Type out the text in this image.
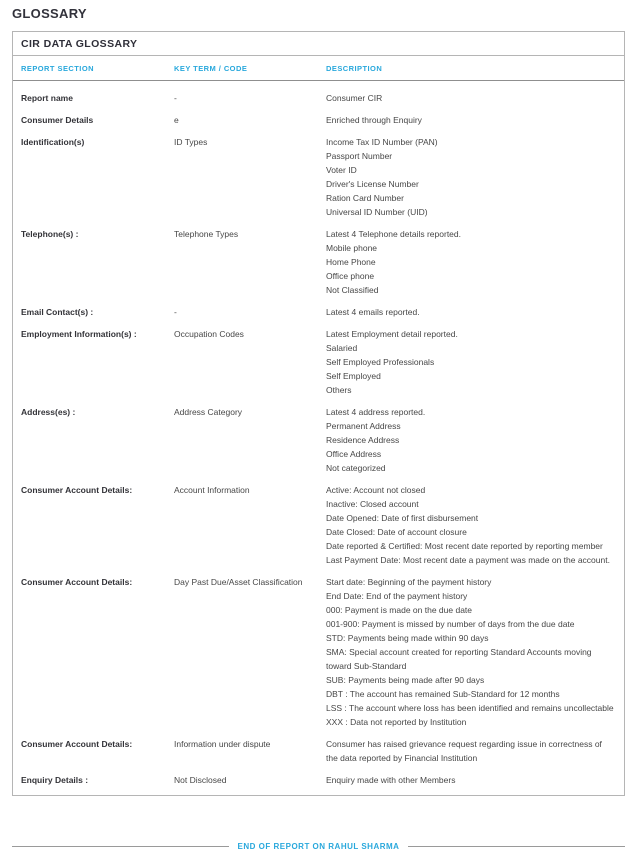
GLOSSARY
CIR DATA GLOSSARY
REPORT SECTION	KEY TERM / CODE	DESCRIPTION
Report name	-	Consumer CIR
Consumer Details	e	Enriched through Enquiry
Identification(s)	ID Types	Income Tax ID Number (PAN)
Passport Number
Voter ID
Driver's License Number
Ration Card Number
Universal ID Number (UID)
Telephone(s) :	Telephone Types	Latest 4 Telephone details reported.
Mobile phone
Home Phone
Office phone
Not Classified
Email Contact(s) :	-	Latest 4 emails reported.
Employment Information(s) :	Occupation Codes	Latest Employment detail reported.
Salaried
Self Employed Professionals
Self Employed
Others
Address(es) :	Address Category	Latest 4 address reported.
Permanent Address
Residence Address
Office Address
Not categorized
Consumer Account Details:	Account Information	Active: Account not closed
Inactive: Closed account
Date Opened: Date of first disbursement
Date Closed: Date of account closure
Date reported & Certified: Most recent date reported by reporting member
Last Payment Date: Most recent date a payment was made on the account.
Consumer Account Details:	Day Past Due/Asset Classification	Start date: Beginning of the payment history
End Date: End of the payment history
000: Payment is made on the due date
001-900: Payment is missed by number of days from the due date
STD: Payments being made within 90 days
SMA: Special account created for reporting Standard Accounts moving toward Sub-Standard
SUB: Payments being made after 90 days
DBT : The account has remained Sub-Standard for 12 months
LSS : The account where loss has been identified and remains uncollectable
XXX : Data not reported by Institution
Consumer Account Details:	Information under dispute	Consumer has raised grievance request regarding issue in correctness of the data reported by Financial Institution
Enquiry Details :	Not Disclosed	Enquiry made with other Members
END OF REPORT ON RAHUL SHARMA
